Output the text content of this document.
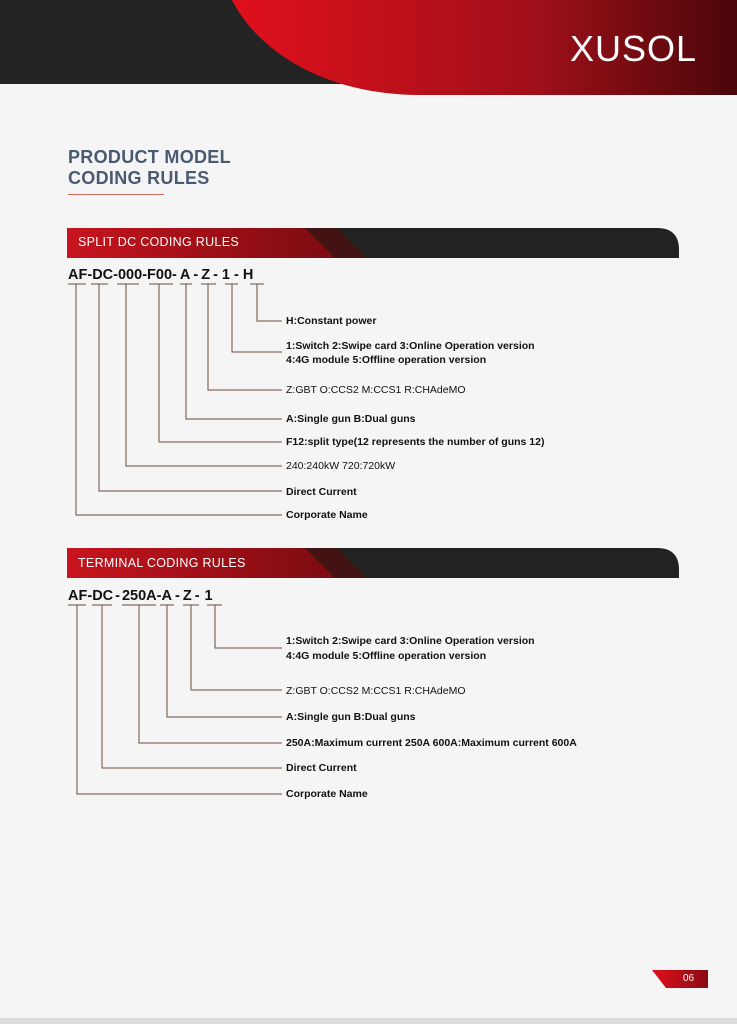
XUSOL
PRODUCT MODEL
CODING RULES
SPLIT DC CODING RULES
AF-DC-000-F00- A - Z - 1 - H
H:Constant power
1:Switch 2:Swipe card 3:Online Operation version
4:4G module 5:Offline operation version
Z:GBT O:CCS2 M:CCS1 R:CHAdeMO
A:Single gun B:Dual guns
F12:split type(12 represents the number of guns 12)
240:240kW 720:720kW
Direct Current
Corporate Name
TERMINAL CODING RULES
AF-DC - 250A-A - Z - 1
1:Switch 2:Swipe card 3:Online Operation version
4:4G module 5:Offline operation version
Z:GBT O:CCS2 M:CCS1 R:CHAdeMO
A:Single gun B:Dual guns
250A:Maximum current 250A 600A:Maximum current 600A
Direct Current
Corporate Name
06
